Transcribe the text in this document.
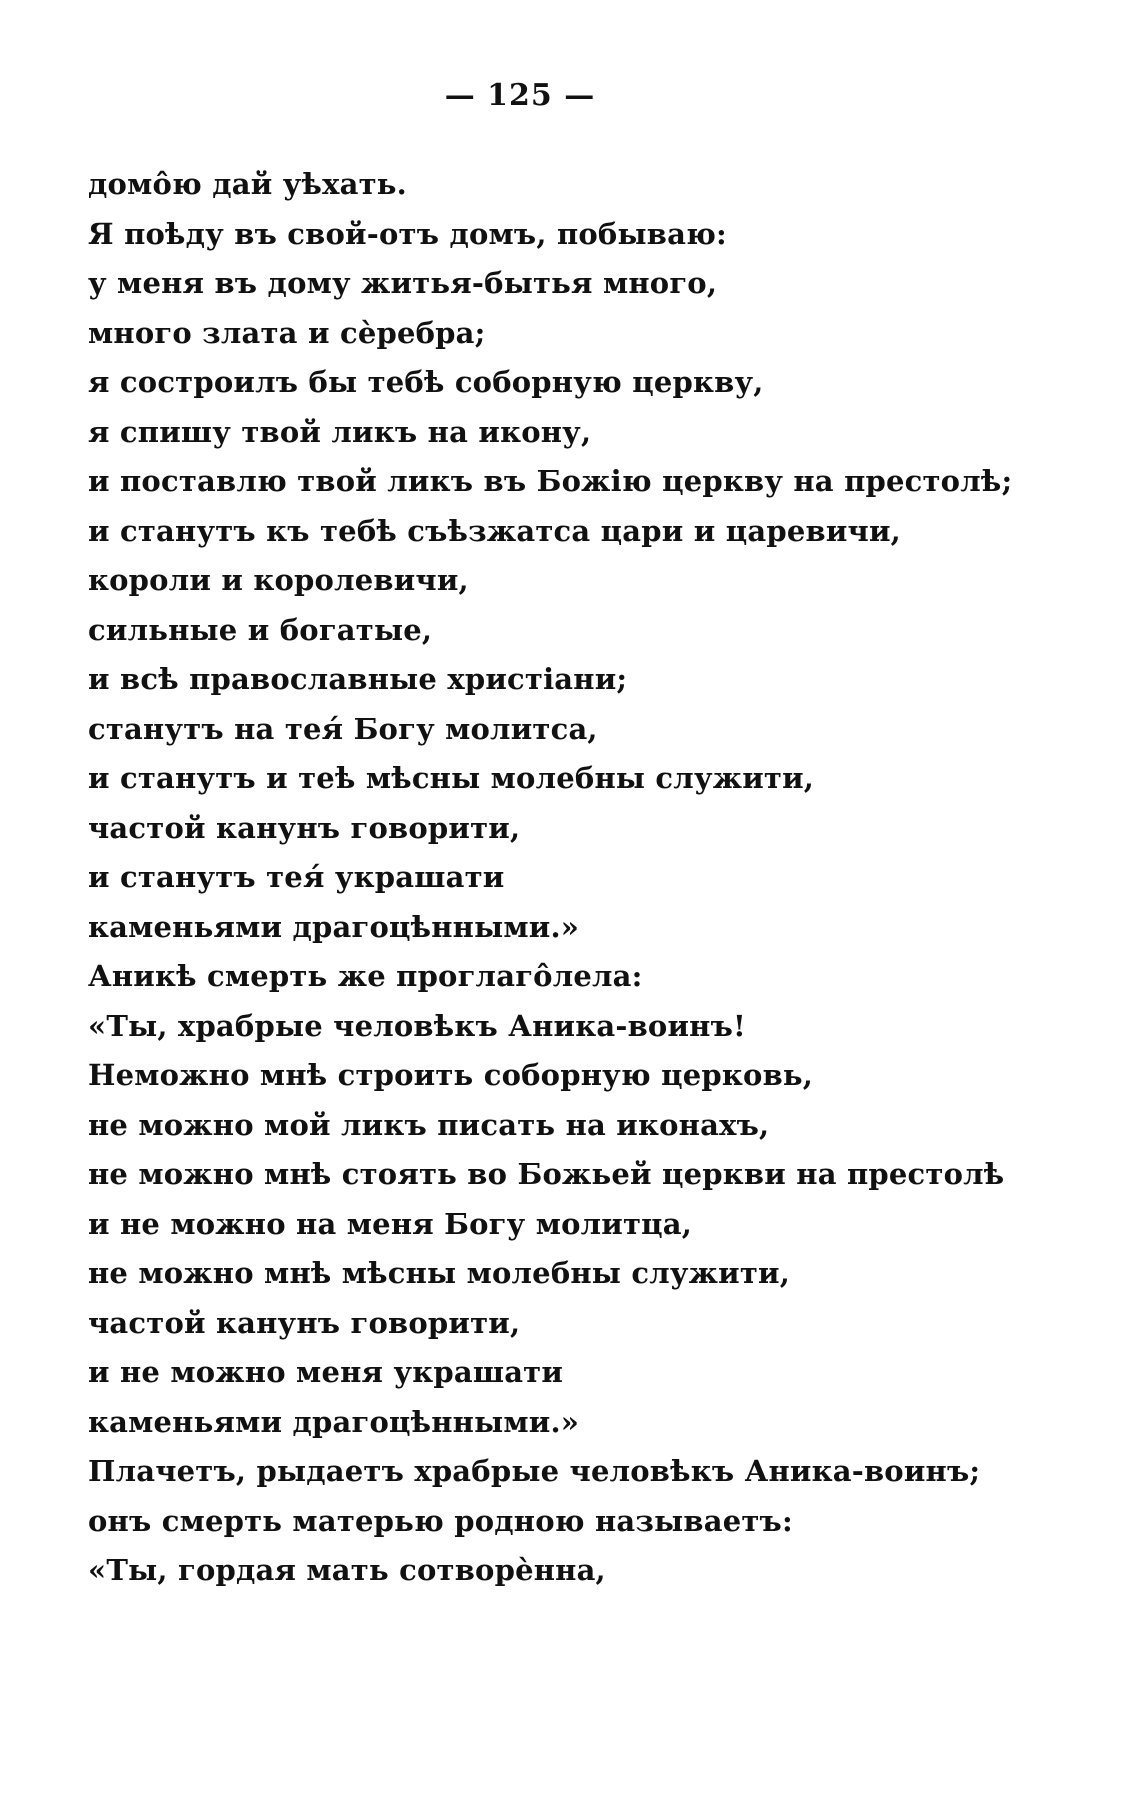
— 125 —
домо̂ю дай уѣхать.
Я поѣду въ свой-отъ домъ, побываю:
у меня въ дому житья-бытья много,
много злата и сѐребра;
я состроилъ бы тебѣ соборную церкву,
я спишу твой ликъ на икону,
и поставлю твой ликъ въ Божiю церкву на престолѣ;
и станутъ къ тебѣ съѣзжатса цари и царевичи,
короли и королевичи,
сильные и богатые,
и всѣ православные христiани;
станутъ на тея́ Богу молитса,
и станутъ и теѣ мѣсны молебны служити,
частой канунъ говорити,
и станутъ тея́ украшати
каменьями драгоцѣнными.»
Аникѣ смерть же проглаго̂лела:
«Ты, храбрые человѣкъ Аника-воинъ!
Неможно мнѣ строить соборную церковь,
не можно мой ликъ писать на иконахъ,
не можно мнѣ стоять во Божьей церкви на престолѣ
и не можно на меня Богу молитца,
не можно мнѣ мѣсны молебны служити,
частой канунъ говорити,
и не можно меня украшати
каменьями драгоцѣнными.»
Плачетъ, рыдаетъ храбрые человѣкъ Аника-воинъ;
онъ смерть матерью родною называетъ:
«Ты, гордая мать сотворѐнна,
